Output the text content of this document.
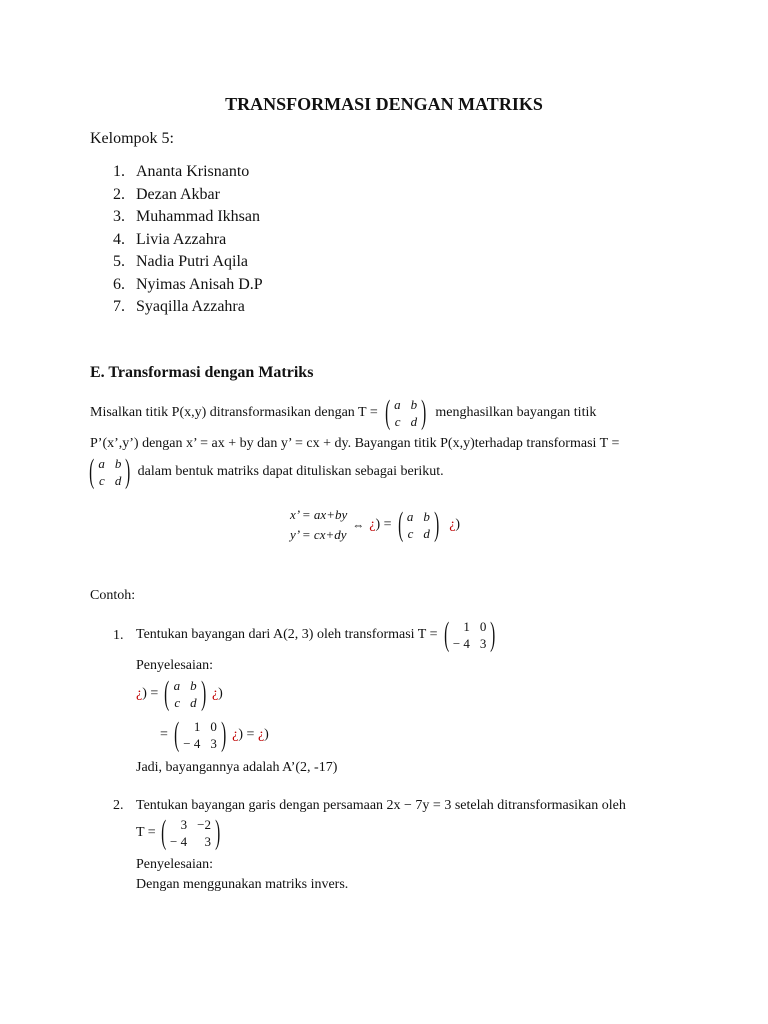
TRANSFORMASI DENGAN MATRIKS
Kelompok 5:
1. Ananta Krisnanto
2. Dezan Akbar
3. Muhammad Ikhsan
4. Livia Azzahra
5. Nadia Putri Aqila
6. Nyimas Anisah D.P
7. Syaqilla Azzahra
E. Transformasi dengan Matriks
Misalkan titik P(x,y) ditransformasikan dengan T = ( a b
c d ) menghasilkan bayangan titik
P’(x’,y’) dengan x’ = ax + by dan y’ = cx + dy. Bayangan titik P(x,y)terhadap transformasi T =
( a b
c d ) dalam bentuk matriks dapat dituliskan sebagai berikut.
x’ = ax+by
y’ = cx+dy
⇔ ¿ ) = ( a b
c d ) ¿ )
Contoh:
1. Tentukan bayangan dari A(2, 3) oleh transformasi T = (	1 0
− 4 3 )
Penyelesaian:
¿ ) = ( a b
c d ) ¿ )
= (	1 0
− 4 3 ) ¿ ) = ¿ )
Jadi, bayangannya adalah A’(2, -17)
2. Tentukan bayangan garis dengan persamaan 2x − 7y = 3 setelah ditransformasikan oleh
T = (	3 −2
− 4	3 )
Penyelesaian:
Dengan menggunakan matriks invers.
